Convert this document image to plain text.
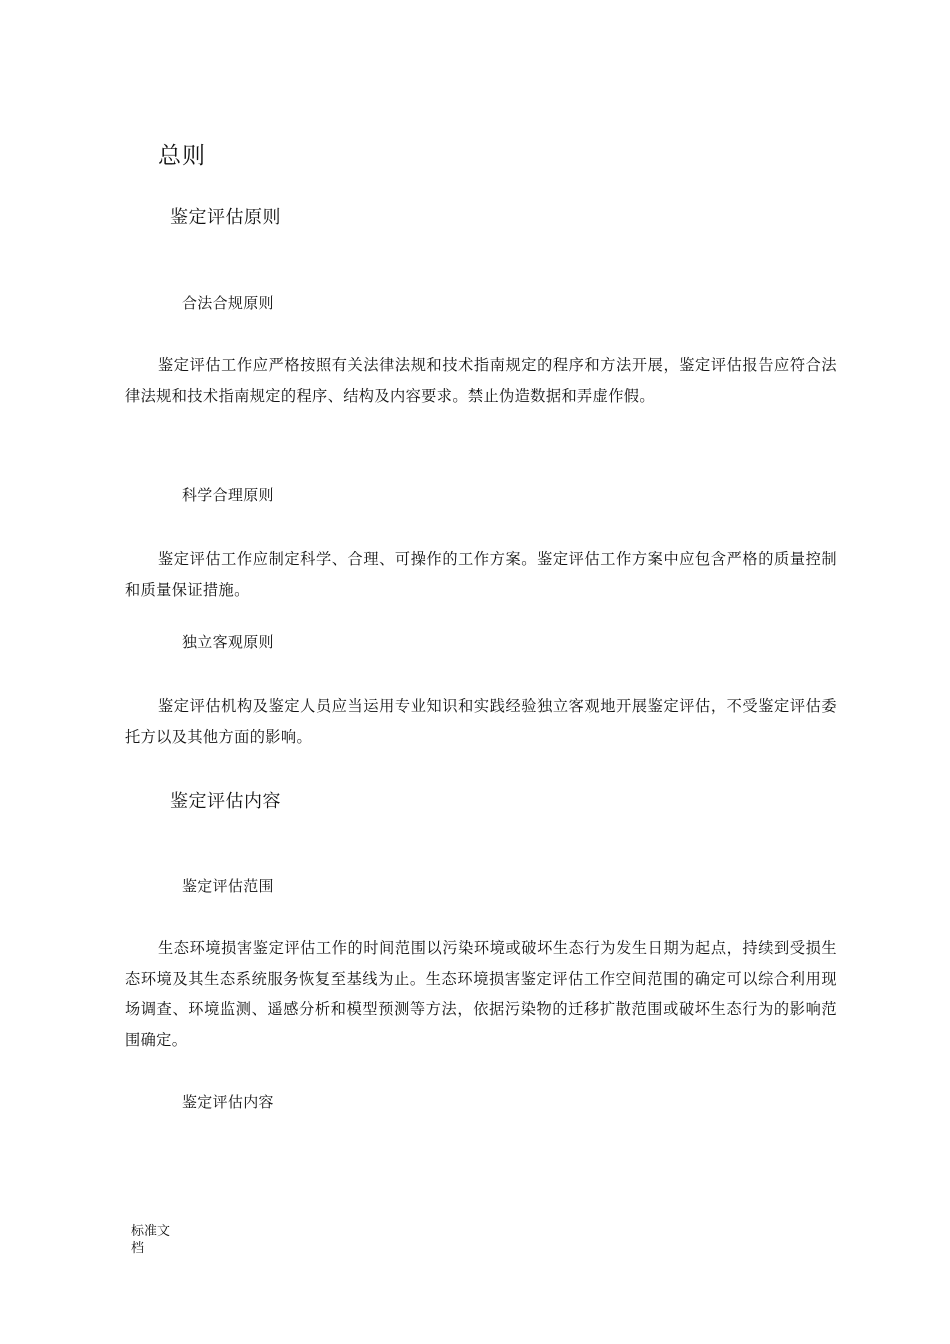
总则
鉴定评估原则
合法合规原则

鉴定评估工作应严格按照有关法律法规和技术指南规定的程序和方法开展，鉴定评估报告应符合法律法规和技术指南规定的程序、结构及内容要求。禁止伪造数据和弄虚作假。

科学合理原则

鉴定评估工作应制定科学、合理、可操作的工作方案。鉴定评估工作方案中应包含严格的质量控制和质量保证措施。

独立客观原则

鉴定评估机构及鉴定人员应当运用专业知识和实践经验独立客观地开展鉴定评估，不受鉴定评估委托方以及其他方面的影响。

鉴定评估内容
鉴定评估范围

生态环境损害鉴定评估工作的时间范围以污染环境或破坏生态行为发生日期为起点，持续到受损生态环境及其生态系统服务恢复至基线为止。生态环境损害鉴定评估工作空间范围的确定可以综合利用现场调查、环境监测、遥感分析和模型预测等方法，依据污染物的迁移扩散范围或破坏生态行为的影响范围确定。

鉴定评估内容
标准文档
